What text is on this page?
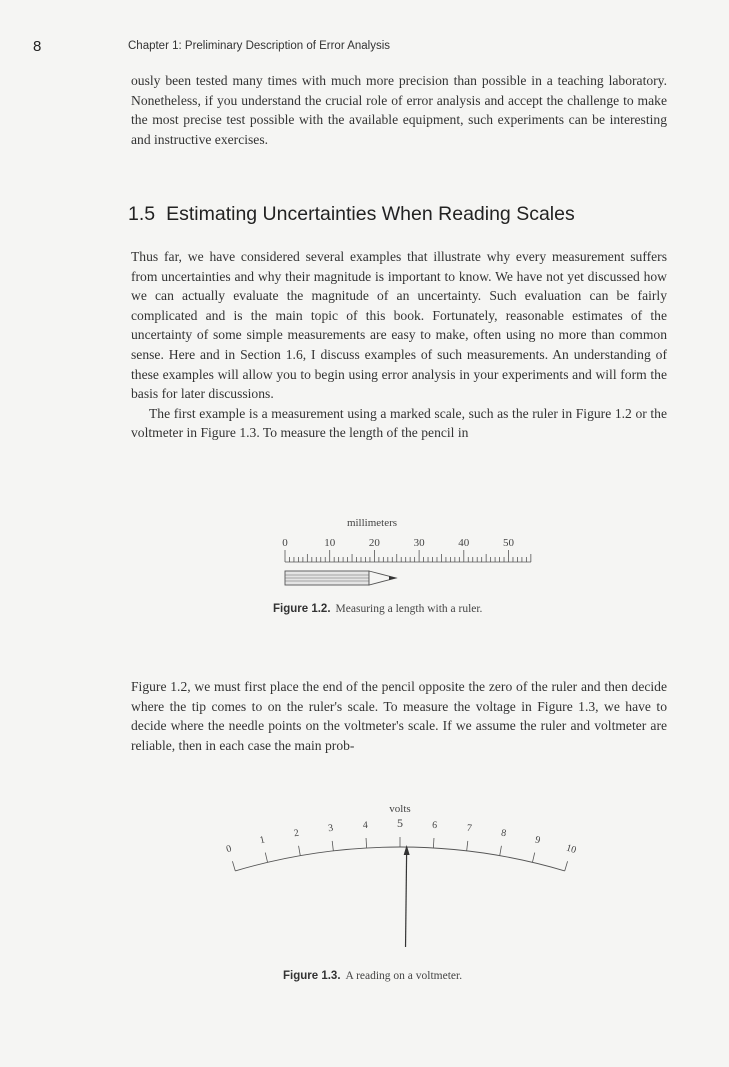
8	Chapter 1: Preliminary Description of Error Analysis

ously been tested many times with much more precision than possible in a teaching laboratory. Nonetheless, if you understand the crucial role of error analysis and accept the challenge to make the most precise test possible with the available equipment, such experiments can be interesting and instructive exercises.

1.5 Estimating Uncertainties When Reading Scales

Thus far, we have considered several examples that illustrate why every measurement suffers from uncertainties and why their magnitude is important to know. We have not yet discussed how we can actually evaluate the magnitude of an uncertainty. Such evaluation can be fairly complicated and is the main topic of this book. Fortunately, reasonable estimates of the uncertainty of some simple measurements are easy to make, often using no more than common sense. Here and in Section 1.6, I discuss examples of such measurements. An understanding of these examples will allow you to begin using error analysis in your experiments and will form the basis for later discussions.

The first example is a measurement using a marked scale, such as the ruler in Figure 1.2 or the voltmeter in Figure 1.3. To measure the length of the pencil in

millimeters
0	10	20	30	40	50
Figure 1.2. Measuring a length with a ruler.

Figure 1.2, we must first place the end of the pencil opposite the zero of the ruler and then decide where the tip comes to on the ruler's scale. To measure the voltage in Figure 1.3, we have to decide where the needle points on the voltmeter's scale. If we assume the ruler and voltmeter are reliable, then in each case the main prob-

volts
0
1
2	3	4 5	6	7	8
9
10
Figure 1.3. A reading on a voltmeter.
